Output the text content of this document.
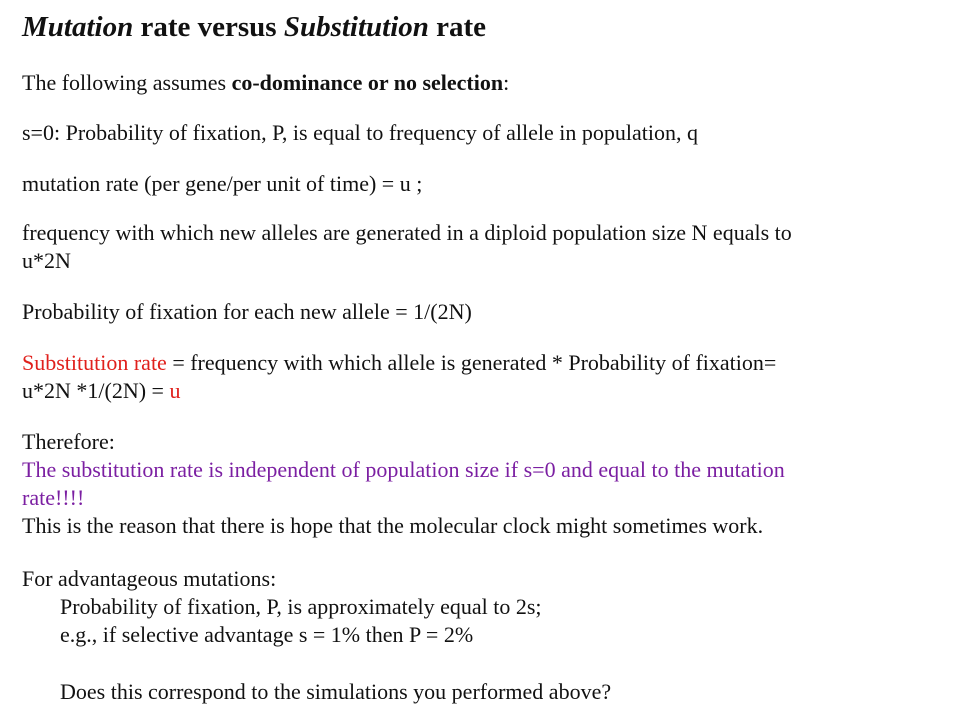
Mutation rate versus Substitution rate
The following assumes co-dominance or no selection:
s=0: Probability of fixation, P, is equal to frequency of allele in population, q
mutation rate (per gene/per unit of time) = u ;
frequency with which new alleles are generated in a diploid population size N equals to
u*2N
Probability of fixation for each new allele = 1/(2N)
Substitution rate = frequency with which allele is generated * Probability of fixation=
u*2N *1/(2N) = u
Therefore:
The substitution rate is independent of population size if s=0 and equal to the mutation
rate!!!!
This is the reason that there is hope that the molecular clock might sometimes work.
For advantageous mutations:
Probability of fixation, P, is approximately equal to 2s;
e.g., if selective advantage s = 1% then P = 2%
Does this correspond to the simulations you performed above?
